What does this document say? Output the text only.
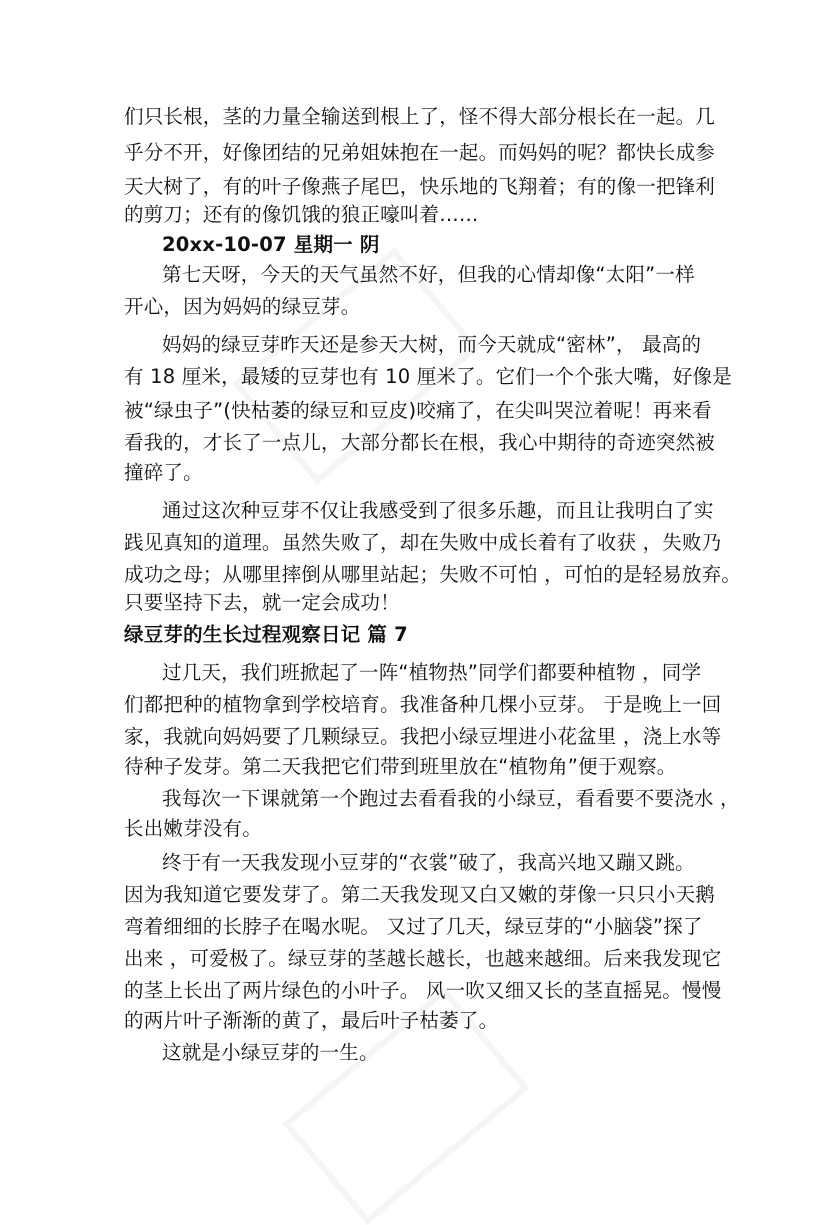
们只长根，茎的力量全输送到根上了，怪不得大部分根长在一起。几
乎分不开，好像团结的兄弟姐妹抱在一起。而妈妈的呢？都快长成参
天大树了，有的叶子像燕子尾巴，快乐地的飞翔着；有的像一把锋利
的剪刀；还有的像饥饿的狼正嚎叫着……
20xx-10-07 星期一 阴
第七天呀，今天的天气虽然不好，但我的心情却像“太阳”一样
开心，因为妈妈的绿豆芽。
妈妈的绿豆芽昨天还是参天大树，而今天就成“密林”， 最高的
有 18 厘米，最矮的豆芽也有 10 厘米了。它们一个个张大嘴，好像是
被“绿虫子”(快枯萎的绿豆和豆皮)咬痛了，在尖叫哭泣着呢！再来看
看我的，才长了一点儿，大部分都长在根，我心中期待的奇迹突然被
撞碎了。
通过这次种豆芽不仅让我感受到了很多乐趣，而且让我明白了实
践见真知的道理。虽然失败了，却在失败中成长着有了收获 ，失败乃
成功之母；从哪里摔倒从哪里站起；失败不可怕 ，可怕的是轻易放弃。
只要坚持下去，就一定会成功！
绿豆芽的生长过程观察日记 篇 7
过几天，我们班掀起了一阵“植物热”同学们都要种植物 ，同学
们都把种的植物拿到学校培育。我准备种几棵小豆芽。 于是晚上一回
家，我就向妈妈要了几颗绿豆。我把小绿豆埋进小花盆里 ，浇上水等
待种子发芽。第二天我把它们带到班里放在“植物角”便于观察。
我每次一下课就第一个跑过去看看我的小绿豆，看看要不要浇水 ，
长出嫩芽没有。
终于有一天我发现小豆芽的“衣裳”破了，我高兴地又蹦又跳。
因为我知道它要发芽了。第二天我发现又白又嫩的芽像一只只小天鹅
弯着细细的长脖子在喝水呢。 又过了几天，绿豆芽的“小脑袋”探了
出来 ，可爱极了。绿豆芽的茎越长越长，也越来越细。后来我发现它
的茎上长出了两片绿色的小叶子。 风一吹又细又长的茎直摇晃。慢慢
的两片叶子渐渐的黄了，最后叶子枯萎了。
这就是小绿豆芽的一生。
